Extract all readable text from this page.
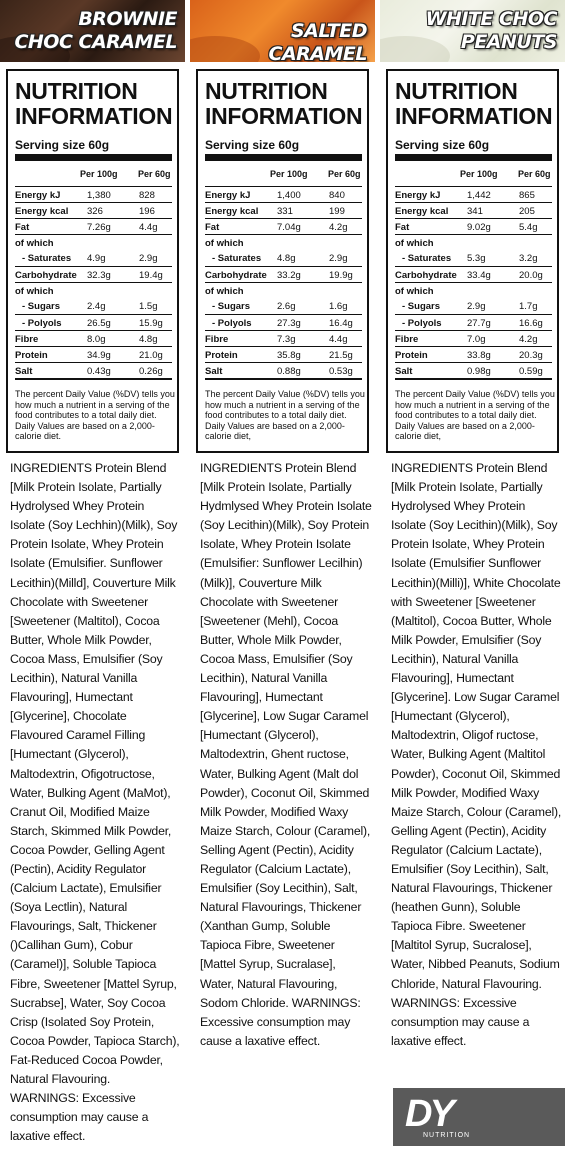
BROWNIE
CHOC CARAMEL
NUTRITION
INFORMATION
Serving size 60g
Per 100g Per 60g
Energy kJ	1,380	828
Energy kcal 326	196
Fat	7.26g	4.4g
of which
- Saturates 4.9g	2.9g
Carbohydrate 32.3g	19.4g
of which
- Sugars	2.4g	1.5g
- Polyols	26.5g	15.9g
Fibre	8.0g	4.8g
Protein	34.9g	21.0g
Salt	0.43g	0.26g
The percent Daily Value (%DV) tells you how much a nutrient in a serving of the food contributes to a total daily diet. Daily Values are based on a 2,000-calorie diet.
INGREDIENTS Protein Blend [Milk Protein Isolate, Partially Hydrolysed Whey Protein Isolate (Soy Lechhin)(Milk), Soy Protein Isolate, Whey Protein Isolate (Emulsifier. Sunflower Lecithin)(Milld], Couverture Milk Chocolate with Sweetener [Sweetener (Maltitol), Cocoa Butter, Whole Milk Powder, Cocoa Mass, Emulsifier (Soy Lecithin), Natural Vanilla Flavouring], Humectant [Glycerine], Chocolate Flavoured Caramel Filling [Humectant (Glycerol), Maltodextrin, Ofigotructose, Water, Bulking Agent (MaMot), Cranut Oil, Modified Maize Starch, Skimmed Milk Powder, Cocoa Powder, Gelling Agent (Pectin), Acidity Regulator (Calcium Lactate), Emulsifier (Soya Lectlin), Natural Flavourings, Salt, Thickener ()Callihan Gum), Cobur (Caramel)], Soluble Tapioca Fibre, Sweetener [Mattel Syrup, Sucrabse], Water, Soy Cocoa Crisp (Isolated Soy Protein, Cocoa Powder, Tapioca Starch), Fat-Reduced Cocoa Powder, Natural Flavouring. WARNINGS: Excessive consumption may cause a laxative effect.
SALTED CARAMEL
NUTRITION
INFORMATION
Serving size 60g
Per 100g Per 60g
Energy kJ	1,400	840
Energy kcal 331	199
Fat	7.04g	4.2g
of which
- Saturates 4.8g	2.9g
Carbohydrate 33.2g	19.9g
of which
- Sugars	2.6g	1.6g
- Polyols	27.3g	16.4g
Fibre	7.3g	4.4g
Protein	35.8g	21.5g
Salt	0.88g	0.53g
The percent Daily Value (%DV) tells you how much a nutrient in a serving of the food contributes to a total daily diet. Daily Values are based on a 2,000-calorie diet,
INGREDIENTS Protein Blend [Milk Protein Isolate, Partially Hydmlysed Whey Protein Isolate (Soy Lecithin)(Milk), Soy Protein Isolate, Whey Protein Isolate (Emulsifier: Sunflower Lecilhin)(Milk)], Couverture Milk Chocolate with Sweetener [Sweetener (Mehl), Cocoa Butter, Whole Milk Powder, Cocoa Mass, Emulsifier (Soy Lecithin), Natural Vanilla Flavouring], Humectant [Glycerine], Low Sugar Caramel [Humectant (Glycerol), Maltodextrin, Ghent ructose, Water, Bulking Agent (Malt dol Powder), Coconut Oil, Skimmed Milk Powder, Modified Waxy Maize Starch, Colour (Caramel), Selling Agent (Pectin), Acidity Regulator (Calcium Lactate), Emulsifier (Soy Lecithin), Salt, Natural Flavourings, Thickener (Xanthan Gump, Soluble Tapioca Fibre, Sweetener [Mattel Syrup, Sucralase], Water, Natural Flavouring, Sodom Chloride. WARNINGS: Excessive consumption may cause a laxative effect.
WHITE CHOC
PEANUTS
NUTRITION
INFORMATION
Serving size 60g
Per 100g Per 60g
Energy kJ	1,442	865
Energy kcal 341	205
Fat	9.02g	5.4g
of which
- Saturates 5.3g	3.2g
Carbohydrate 33.4g	20.0g
of which
- Sugars	2.9g	1.7g
- Polyols	27.7g	16.6g
Fibre	7.0g	4.2g
Protein	33.8g	20.3g
Salt	0.98g	0.59g
The percent Daily Value (%DV) tells you how much a nutrient in a serving of the food contributes to a total daily diet. Daily Values are based on a 2,000-calorie diet,
INGREDIENTS Protein Blend [Milk Protein Isolate, Partially Hydrolysed Whey Protein Isolate (Soy Lecithin)(Milk), Soy Protein Isolate, Whey Protein Isolate (Emulsifier Sunflower Lecithin)(Milli)], White Chocolate with Sweetener [Sweetener (Maltitol), Cocoa Butter, Whole Milk Powder, Emulsifier (Soy Lecithin), Natural Vanilla Flavouring], Humectant [Glycerine]. Low Sugar Caramel [Humectant (Glycerol), Maltodextrin, Oligof ructose, Water, Bulking Agent (Maltitol Powder), Coconut Oil, Skimmed Milk Powder, Modified Waxy Maize Starch, Colour (Caramel), Gelling Agent (Pectin), Acidity Regulator (Calcium Lactate), Emulsifier (Soy Lecithin), Salt, Natural Flavourings, Thickener (heathen Gunn), Soluble Tapioca Fibre. Sweetener [Maltitol Syrup, Sucralose], Water, Nibbed Peanuts, Sodium Chloride, Natural Flavouring. WARNINGS: Excessive consumption may cause a laxative effect.
DY
NUTRITION
